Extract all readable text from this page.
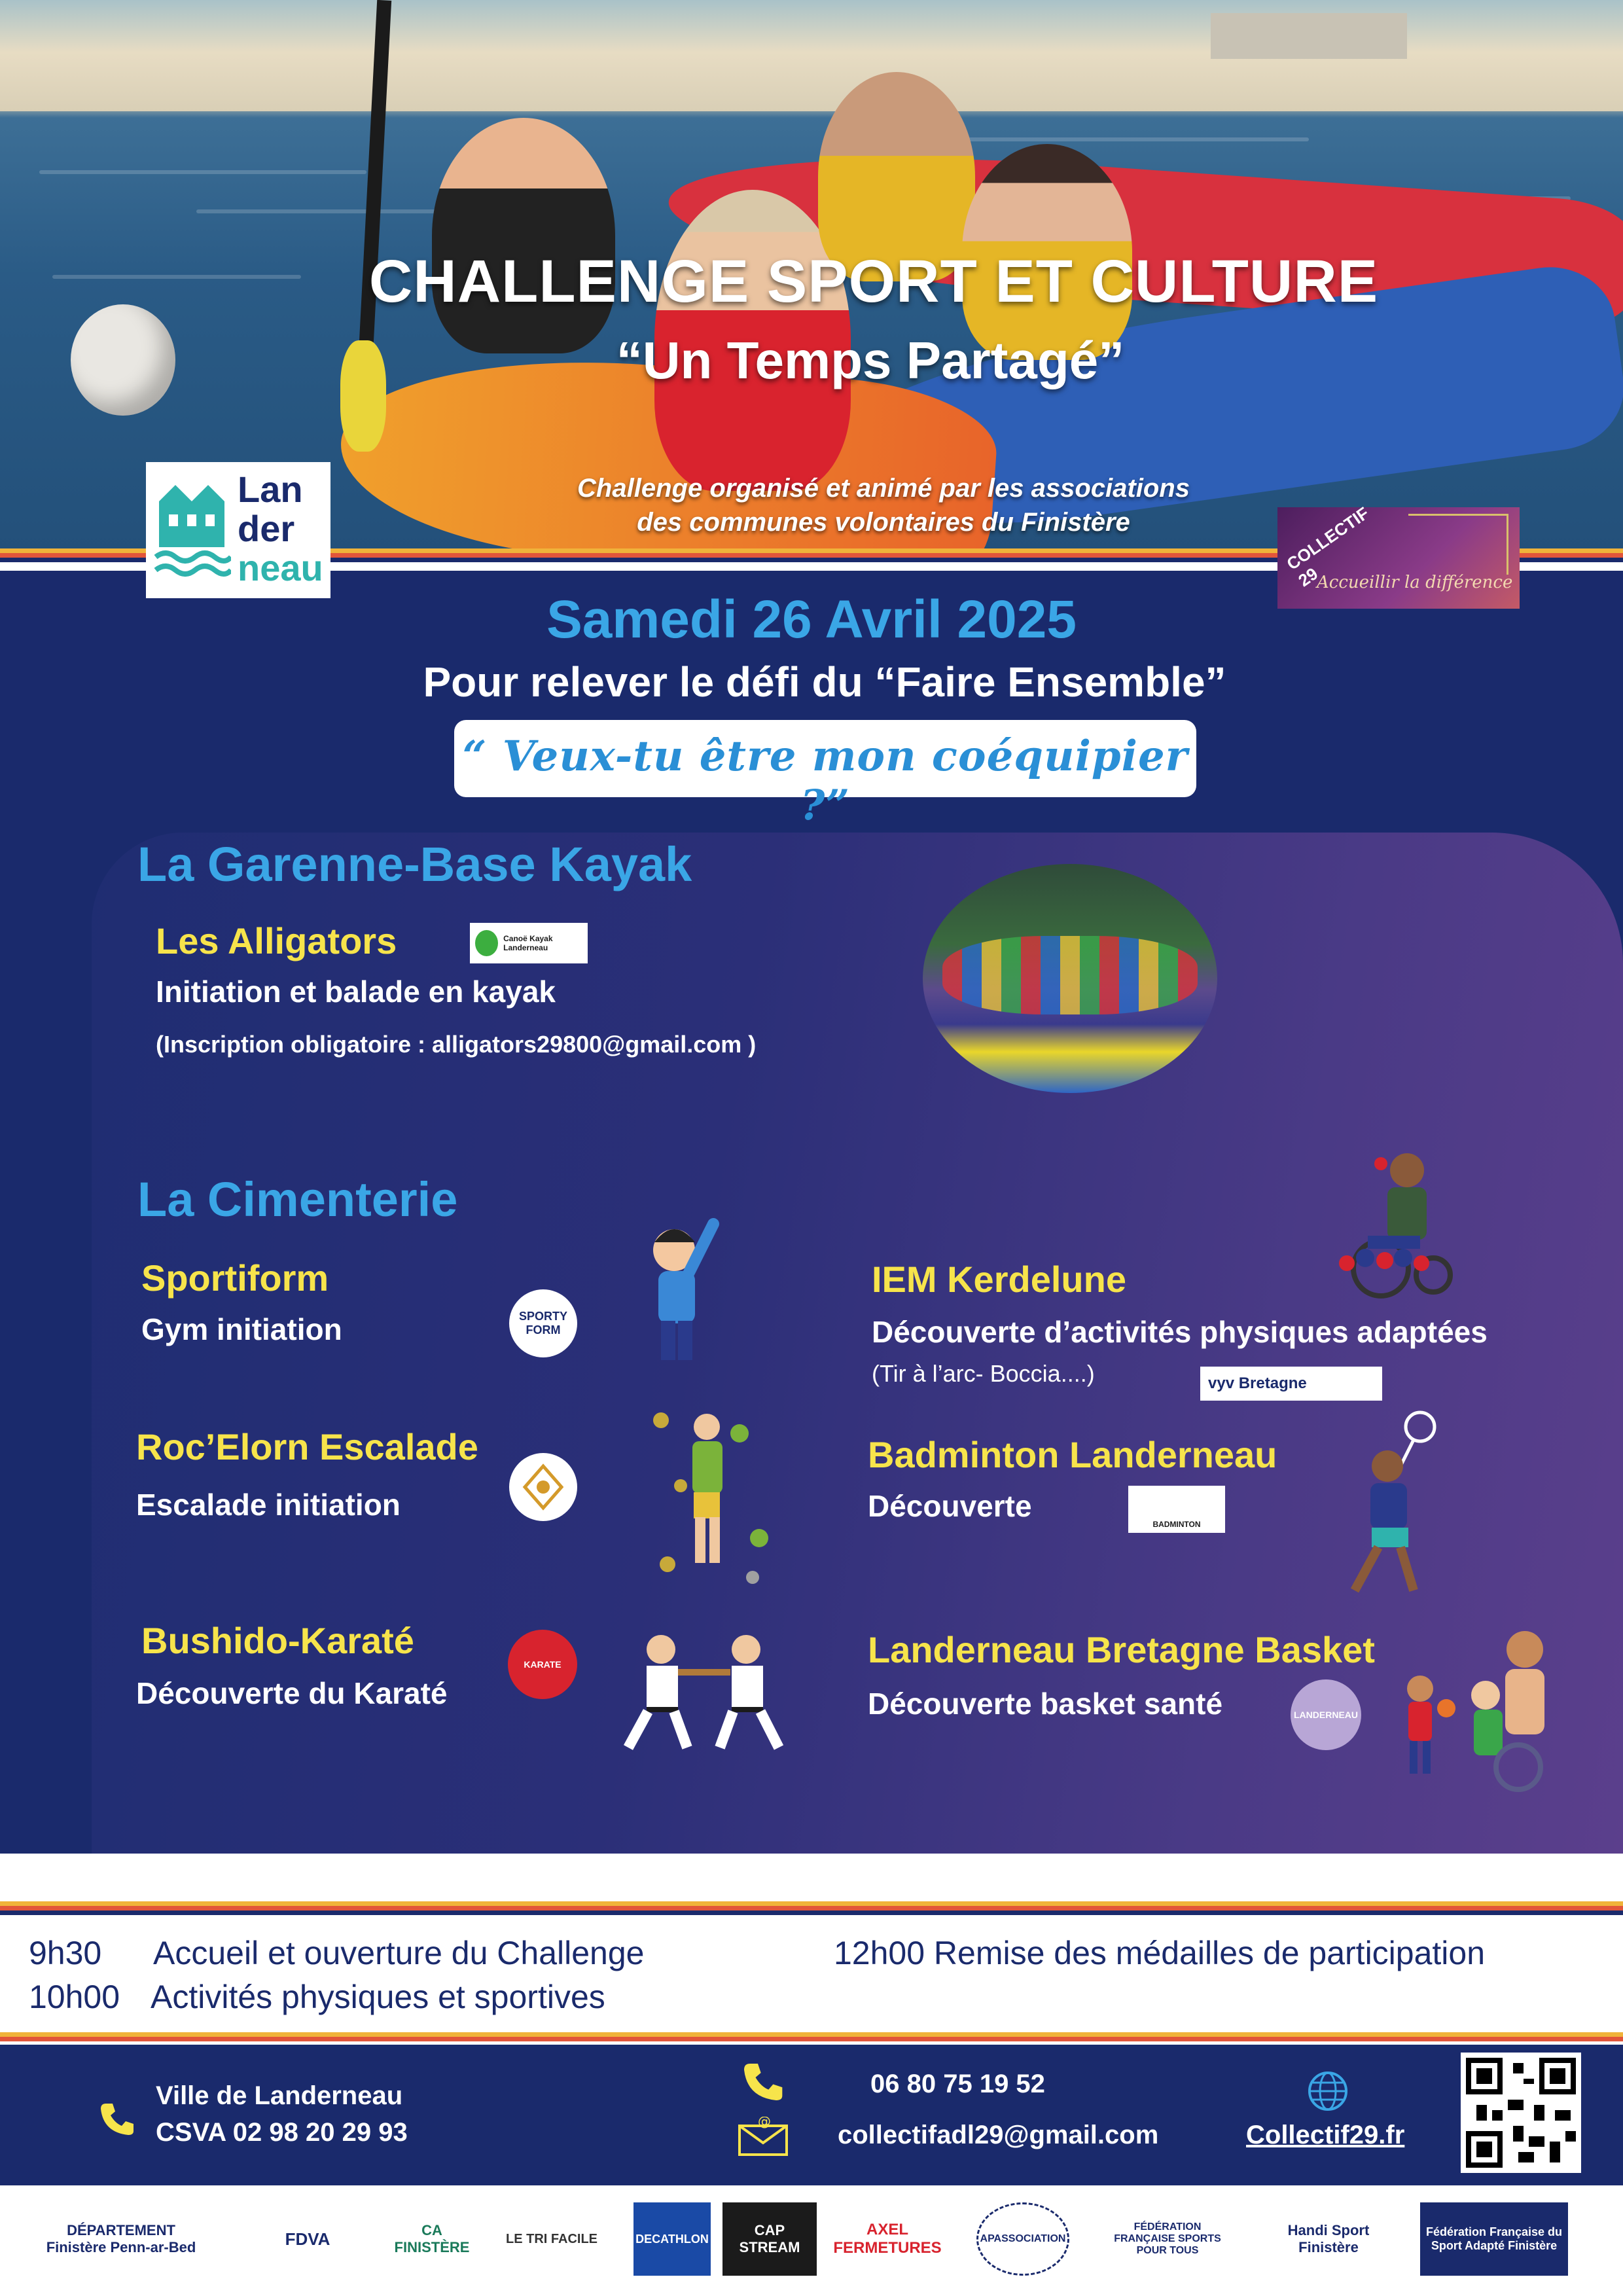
CHALLENGE SPORT ET CULTURE
“Un Temps Partagé”
Challenge organisé et animé par les associations
des communes volontaires du Finistère
Lan
der
neau	COLLECTIF 29
Accueillir la différence
Samedi 26 Avril 2025
Pour relever le défi du “Faire Ensemble”
“ Veux-tu être mon coéquipier ?”
La Garenne-Base Kayak
Les Alligators	Canoë Kayak Landerneau
Initiation et balade en kayak
(Inscription obligatoire : alligators29800@gmail.com )
La Cimenterie
Sportiform
Gym initiation	SPORTY FORM
Roc’Elorn Escalade
Escalade initiation
Bushido-Karaté
Découverte du Karaté
KARATE
IEM Kerdelune
Découverte d’activités physiques adaptées
(Tir à l’arc- Boccia....)	vyv Bretagne
Badminton Landerneau
Découverte
BADMINTON
Landerneau Bretagne Basket
Découverte basket santé	LANDERNEAU
9h30 Accueil et ouverture du Challenge
10h00 Activités physiques et sportives
12h00 Remise des médailles de participation
Ville de Landerneau
CSVA 02 98 20 29 93
06 80 75 19 52
@	collectifadl29@gmail.com	Collectif29.fr
DÉPARTEMENT Finistère Penn-ar-Bed	FDVA	CA FINISTÈRE
LE TRI FACILE	DECATHLON
CAP STREAM
AXEL FERMETURES
APASSOCIATION
FÉDÉRATION FRANÇAISE SPORTS POUR TOUS
Handi Sport Finistère
Fédération Française du Sport Adapté Finistère
